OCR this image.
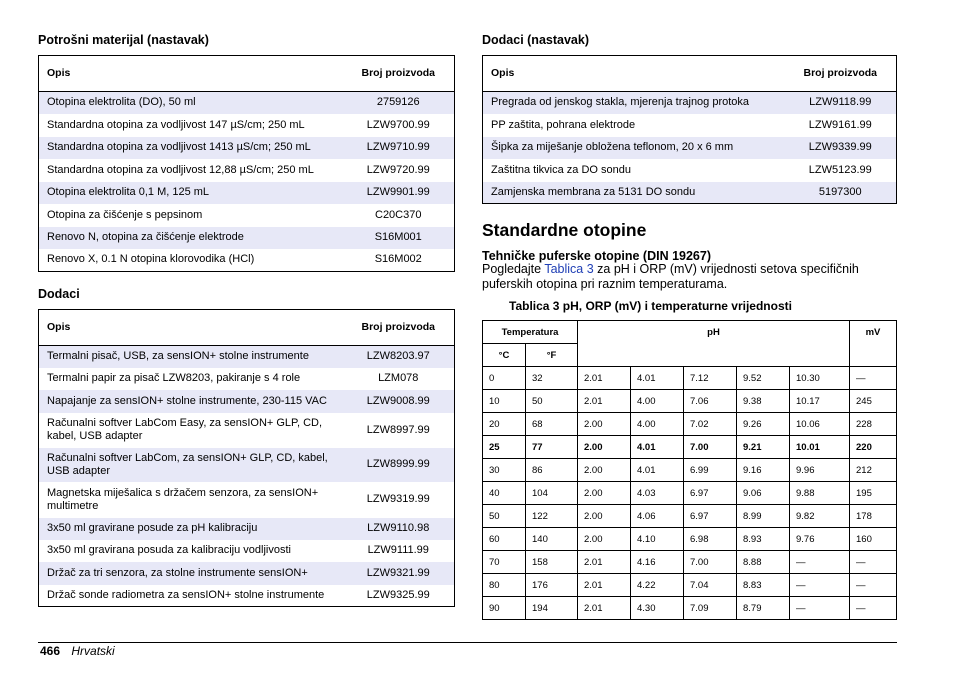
Potrošni materijal (nastavak)
Opis	Broj proizvoda
Otopina elektrolita (DO), 50 ml	2759126
Standardna otopina za vodljivost 147 µS/cm; 250 mL	LZW9700.99
Standardna otopina za vodljivost 1413 µS/cm; 250 mL	LZW9710.99
Standardna otopina za vodljivost 12,88 µS/cm; 250 mL	LZW9720.99
Otopina elektrolita 0,1 M, 125 mL	LZW9901.99
Otopina za čišćenje s pepsinom	C20C370
Renovo N, otopina za čišćenje elektrode	S16M001
Renovo X, 0.1 N otopina klorovodika (HCl)	S16M002
Dodaci
Opis	Broj proizvoda
Termalni pisač, USB, za sensION+ stolne instrumente	LZW8203.97
Termalni papir za pisač LZW8203, pakiranje s 4 role	LZM078
Napajanje za sensION+ stolne instrumente, 230-115 VAC	LZW9008.99
Računalni softver LabCom Easy, za sensION+ GLP, CD, kabel, USB adapter	LZW8997.99
Računalni softver LabCom, za sensION+ GLP, CD, kabel, USB adapter	LZW8999.99
Magnetska miješalica s držačem senzora, za sensION+ multimetre	LZW9319.99
3x50 ml gravirane posude za pH kalibraciju	LZW9110.98
3x50 ml gravirana posuda za kalibraciju vodljivosti	LZW9111.99
Držač za tri senzora, za stolne instrumente sensION+	LZW9321.99
Držač sonde radiometra za sensION+ stolne instrumente	LZW9325.99
Dodaci (nastavak)
Opis	Broj proizvoda
Pregrada od jenskog stakla, mjerenja trajnog protoka	LZW9118.99
PP zaštita, pohrana elektrode	LZW9161.99
Šipka za miješanje obložena teflonom, 20 x 6 mm	LZW9339.99
Zaštitna tikvica za DO sondu	LZW5123.99
Zamjenska membrana za 5131 DO sondu	5197300
Standardne otopine
Tehničke puferske otopine (DIN 19267)

Pogledajte Tablica 3 za pH i ORP (mV) vrijednosti setova specifičnih puferskih otopina pri raznim temperaturama.

Tablica 3 pH, ORP (mV) i temperaturne vrijednosti
Temperatura		pH					mV
°C	°F						
0	32	2.01	4.01	7.12	9.52	10.30	—
10	50	2.01	4.00	7.06	9.38	10.17	245
20	68	2.00	4.00	7.02	9.26	10.06	228
25	77	2.00	4.01	7.00	9.21	10.01	220
30	86	2.00	4.01	6.99	9.16	9.96	212
40	104	2.00	4.03	6.97	9.06	9.88	195
50	122	2.00	4.06	6.97	8.99	9.82	178
60	140	2.00	4.10	6.98	8.93	9.76	160
70	158	2.01	4.16	7.00	8.88	—	—
80	176	2.01	4.22	7.04	8.83	—	—
90	194	2.01	4.30	7.09	8.79	—	—
466 Hrvatski
